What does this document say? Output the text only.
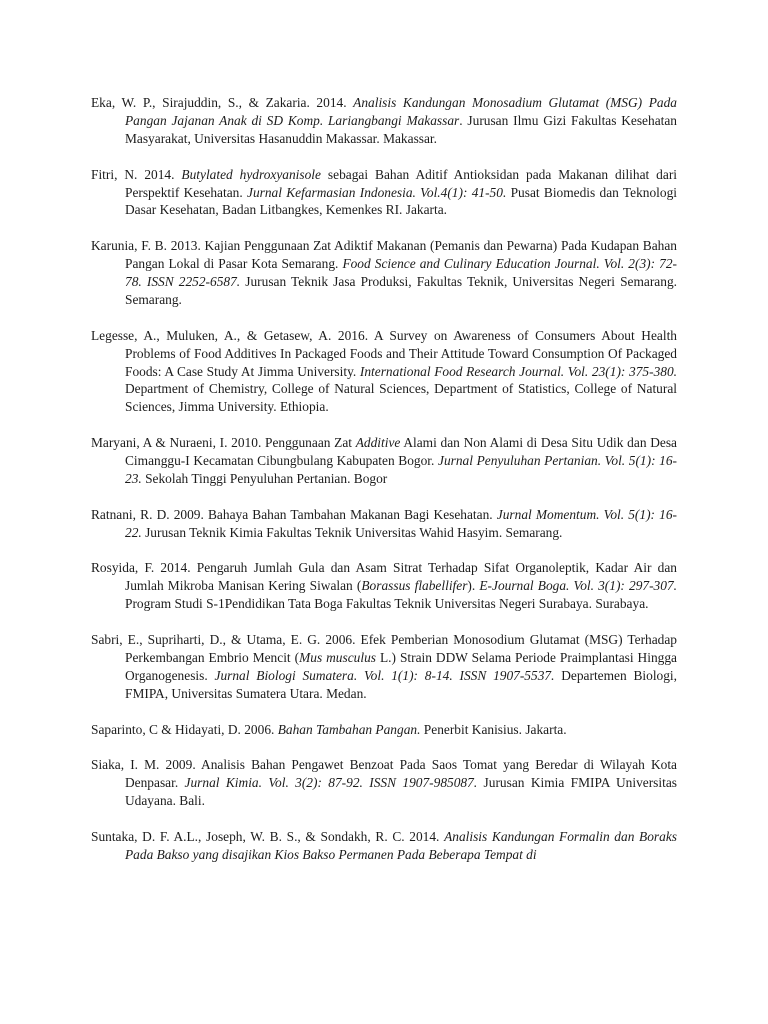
Eka, W. P., Sirajuddin, S., & Zakaria. 2014. Analisis Kandungan Monosadium Glutamat (MSG) Pada Pangan Jajanan Anak di SD Komp. Lariangbangi Makassar. Jurusan Ilmu Gizi Fakultas Kesehatan Masyarakat, Universitas Hasanuddin Makassar. Makassar.

Fitri, N. 2014. Butylated hydroxyanisole sebagai Bahan Aditif Antioksidan pada Makanan dilihat dari Perspektif Kesehatan. Jurnal Kefarmasian Indonesia. Vol.4(1): 41-50. Pusat Biomedis dan Teknologi Dasar Kesehatan, Badan Litbangkes, Kemenkes RI. Jakarta.

Karunia, F. B. 2013. Kajian Penggunaan Zat Adiktif Makanan (Pemanis dan Pewarna) Pada Kudapan Bahan Pangan Lokal di Pasar Kota Semarang. Food Science and Culinary Education Journal. Vol. 2(3): 72-78. ISSN 2252-6587. Jurusan Teknik Jasa Produksi, Fakultas Teknik, Universitas Negeri Semarang. Semarang.

Legesse, A., Muluken, A., & Getasew, A. 2016. A Survey on Awareness of Consumers About Health Problems of Food Additives In Packaged Foods and Their Attitude Toward Consumption Of Packaged Foods: A Case Study At Jimma University. International Food Research Journal. Vol. 23(1): 375-380. Department of Chemistry, College of Natural Sciences, Department of Statistics, College of Natural Sciences, Jimma University. Ethiopia.

Maryani, A & Nuraeni, I. 2010. Penggunaan Zat Additive Alami dan Non Alami di Desa Situ Udik dan Desa Cimanggu-I Kecamatan Cibungbulang Kabupaten Bogor. Jurnal Penyuluhan Pertanian. Vol. 5(1): 16-23. Sekolah Tinggi Penyuluhan Pertanian. Bogor

Ratnani, R. D. 2009. Bahaya Bahan Tambahan Makanan Bagi Kesehatan. Jurnal Momentum. Vol. 5(1): 16-22. Jurusan Teknik Kimia Fakultas Teknik Universitas Wahid Hasyim. Semarang.

Rosyida, F. 2014. Pengaruh Jumlah Gula dan Asam Sitrat Terhadap Sifat Organoleptik, Kadar Air dan Jumlah Mikroba Manisan Kering Siwalan (Borassus flabellifer). E-Journal Boga. Vol. 3(1): 297-307. Program Studi S-1Pendidikan Tata Boga Fakultas Teknik Universitas Negeri Surabaya. Surabaya.

Sabri, E., Supriharti, D., & Utama, E. G. 2006. Efek Pemberian Monosodium Glutamat (MSG) Terhadap Perkembangan Embrio Mencit (Mus musculus L.) Strain DDW Selama Periode Praimplantasi Hingga Organogenesis. Jurnal Biologi Sumatera. Vol. 1(1): 8-14. ISSN 1907-5537. Departemen Biologi, FMIPA, Universitas Sumatera Utara. Medan.

Saparinto, C & Hidayati, D. 2006. Bahan Tambahan Pangan. Penerbit Kanisius. Jakarta.

Siaka, I. M. 2009. Analisis Bahan Pengawet Benzoat Pada Saos Tomat yang Beredar di Wilayah Kota Denpasar. Jurnal Kimia. Vol. 3(2): 87-92. ISSN 1907-985087. Jurusan Kimia FMIPA Universitas Udayana. Bali.

Suntaka, D. F. A.L., Joseph, W. B. S., & Sondakh, R. C. 2014. Analisis Kandungan Formalin dan Boraks Pada Bakso yang disajikan Kios Bakso Permanen Pada Beberapa Tempat di
